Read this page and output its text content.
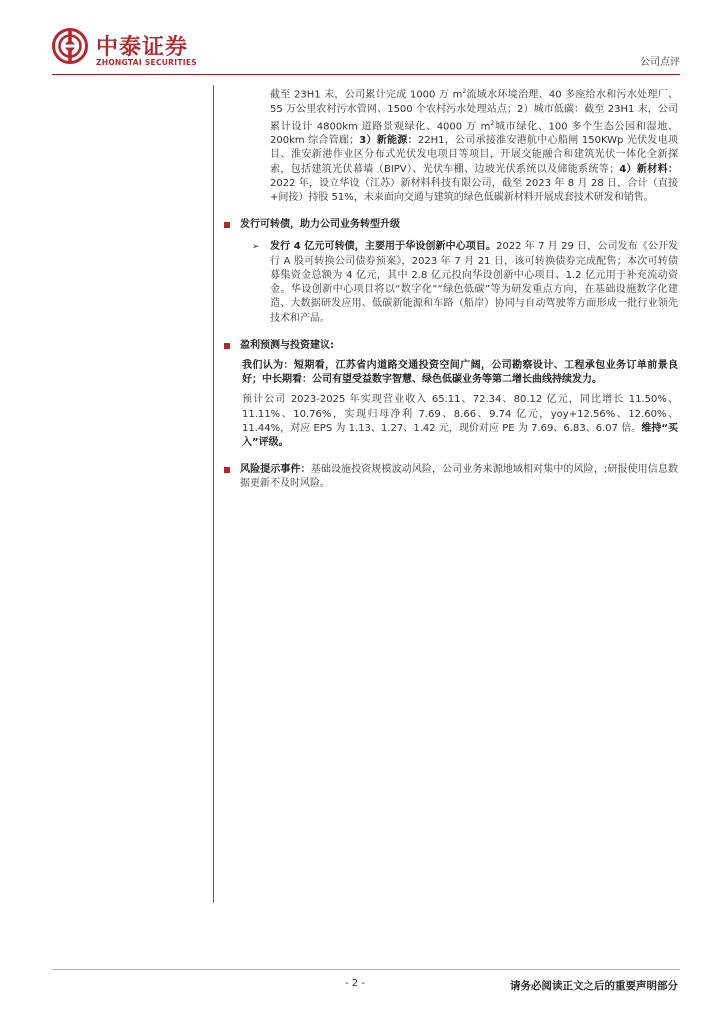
中泰证券
ZHONGTAI SECURITIES	公司点评

截至 23H1 末，公司累计完成 1000 万 $m^2$流域水环境治理、40 多座给水和污水处理厂、55 万公里农村污水管网、1500 个农村污水处理站点；2）城市低碳：截至 23H1 末，公司累计设计 4800km 道路景观绿化、4000 万 $m^2$城市绿化、100 多个生态公园和湿地、200km 综合管廊；3）新能源：22H1，公司承接淮安港航中心船闸 150KWp 光伏发电项目、淮安新港作业区分布式光伏发电项目等项目，开展交能融合和建筑光伏一体化全新探索，包括建筑光伏幕墙（BIPV）、光伏车棚、边坡光伏系统以及储能系统等；4）新材料：2022 年，设立华设（江苏）新材料科技有限公司，截至 2023 年 8 月 28 日，合计（直接+间接）持股 51%，未来面向交通与建筑的绿色低碳新材料开展成套技术研发和销售。

发行可转债，助力公司业务转型升级
➢ 发行 4 亿元可转债，主要用于华设创新中心项目。2022 年 7 月 29 日，公司发布《公开发行 A 股可转换公司债券预案》，2023 年 7 月 21 日，该可转换债券完成配售；本次可转债募集资金总额为 4 亿元，其中 2.8 亿元投向华设创新中心项目、1.2 亿元用于补充流动资金。华设创新中心项目将以“数字化”“绿色低碳”等为研发重点方向，在基础设施数字化建造、大数据研发应用、低碳新能源和车路（船岸）协同与自动驾驶等方面形成一批行业领先技术和产品。
盈利预测与投资建议:
我们认为：短期看，江苏省内道路交通投资空间广阔，公司勘察设计、工程承包业务订单前景良好；中长期看：公司有望受益数字智慧、绿色低碳业务等第二增长曲线持续发力。
预计公司 2023-2025 年实现营业收入 65.11、72.34、80.12 亿元，同比增长 11.50%、11.11%、10.76%，实现归母净利 7.69、8.66、9.74 亿元，yoy+12.56%、12.60%、11.44%，对应 EPS 为 1.13、1.27、1.42 元，现价对应 PE 为 7.69、6.83、6.07 倍。维持“买入”评级。
风险提示事件：基础设施投资规模波动风险，公司业务来源地域相对集中的风险，;研报使用信息数据更新不及时风险。
- 2 -	请务必阅读正文之后的重要声明部分
